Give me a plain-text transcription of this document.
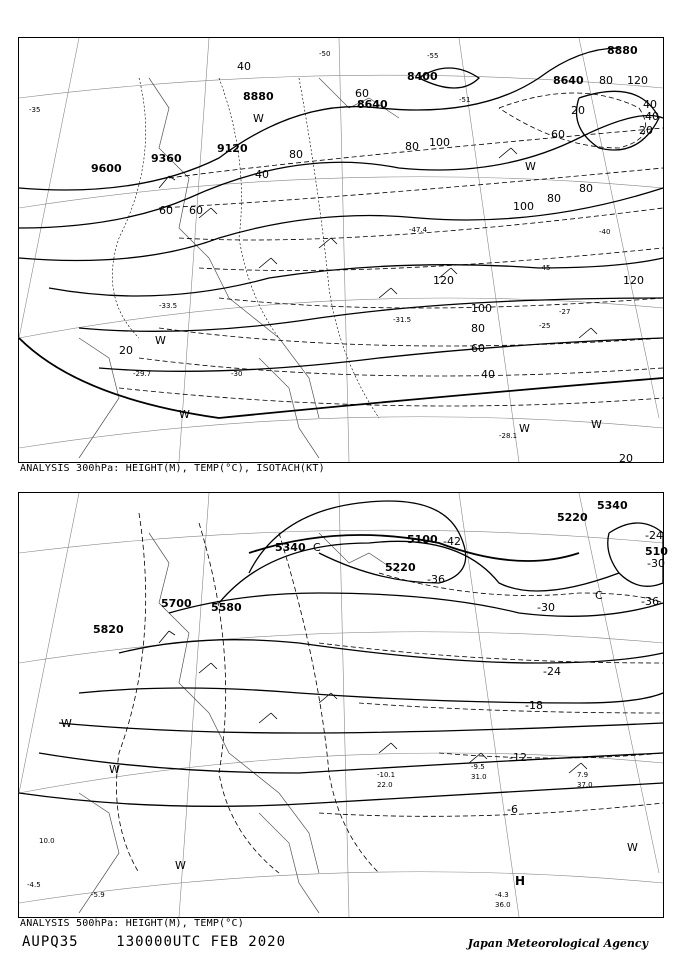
8400
8640
8880
8640
8880
9120
9360
9600
40
60
80 100
120
80
60
40
20
100
120
80
60
40
20
120
100
80
60
40
20
80
60
40
20
80
-55
-50
-51
-45
-40
-35
-30
-27
-25
-28.1
-33.5
-47.4
-31.5
-29.7
W
W	W
W
W
W
ANALYSIS 300hPa: HEIGHT(M), TEMP(°C), ISOTACH(KT)
5100
5220
5340
510
5220
5340
5580
5700
5820
-42
-36
-30
-24
-18
-12
-6
-36
-30
-24
-9.5
31.0	7.9
37.0
-10.1
22.0
-4.3
36.0
-5.9
-4.5
10.0
H
C
C
W
W
W
W
ANALYSIS 500hPa: HEIGHT(M), TEMP(°C)
AUPQ35	130000UTC FEB 2020	Japan Meteorological Agency
